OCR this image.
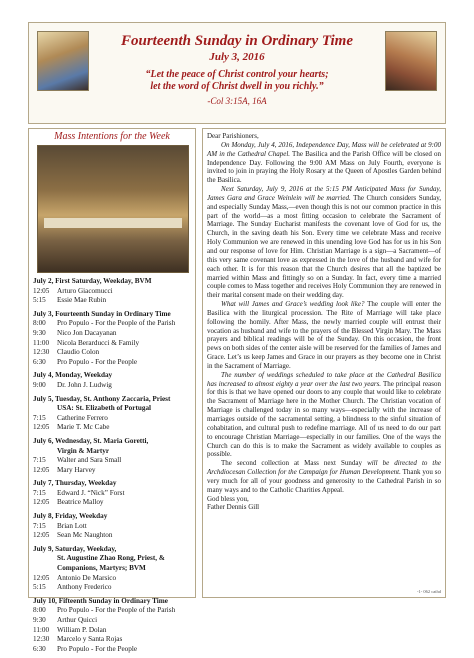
Fourteenth Sunday in Ordinary Time
July 3, 2016
“Let the peace of Christ control your hearts;
let the word of Christ dwell in you richly.”
-Col 3:15A, 16A
Mass Intentions for the Week
July 2, First Saturday, Weekday, BVM
12:05	Arturo Giacomucci
5:15	Essie Mae Rubin
July 3, Fourteenth Sunday in Ordinary Time
8:00	Pro Populo - For the People of the Parish
9:30	Nico Jon Dacayanan
11:00	Nicola Berarducci & Family
12:30	Claudio Colon
6:30	Pro Populo - For the People
July 4, Monday, Weekday
9:00	Dr. John J. Ludwig
July 5, Tuesday, St. Anthony Zaccaria, Priest
USA: St. Elizabeth of Portugal
7:15	Catherine Ferrero
12:05	Marie T. Mc Cabe
July 6, Wednesday, St. Maria Goretti,
Virgin & Martyr
7:15	Walter and Sara Small
12:05	Mary Harvey
July 7, Thursday, Weekday
7:15	Edward J. “Nick” Forst
12:05	Beatrice Malloy
July 8, Friday, Weekday
7:15	Brian Lott
12:05	Sean Mc Naughton
July 9, Saturday, Weekday,
St. Augustine Zhao Rong, Priest, & Companions, Martyrs; BVM
12:05	Antonio De Marsico
5:15	Anthony Frederico
July 10, Fifteenth Sunday in Ordinary Time
8:00	Pro Populo - For the People of the Parish
9:30	Arthur Quicci
11:00	William P. Dolan
12:30	Marcelo y Santa Rojas
6:30	Pro Populo - For the People

Dear Parishioners,

On Monday, July 4, 2016, Independence Day, Mass will be celebrated at 9:00 AM in the Cathedral Chapel. The Basilica and the Parish Office will be closed on Independence Day. Following the 9:00 AM Mass on July Fourth, everyone is invited to join in praying the Holy Rosary at the Queen of Apostles Garden behind the Basilica.

Next Saturday, July 9, 2016 at the 5:15 PM Anticipated Mass for Sunday, James Gara and Grace Weinlein will be married. The Church considers Sunday, and especially Sunday Mass,—even though this is not our common practice in this part of the world—as a most fitting occasion to celebrate the Sacrament of Marriage. The Sunday Eucharist manifests the covenant love of God for us, the Church, in the saving death his Son. Every time we celebrate Mass and receive Holy Communion we are renewed in this unending love God has for us in his Son and our response of love for Him. Christian Marriage is a sign—a Sacrament—of this very same covenant love as expressed in the love of the husband and wife for each other. It is for this reason that the Church desires that all the baptized be married within Mass and fittingly so on a Sunday. In fact, every time a married couple comes to Mass together and receives Holy Communion they are renewed in their marital consent made on their wedding day.

What will James and Grace’s wedding look like? The couple will enter the Basilica with the liturgical procession. The Rite of Marriage will take place following the homily. After Mass, the newly married couple will entrust their vocation as husband and wife to the prayers of the Blessed Virgin Mary. The Mass prayers and biblical readings will be of the Sunday. On this occasion, the front pews on both sides of the center aisle will be reserved for the families of James and Grace. Let’s us keep James and Grace in our prayers as they become one in Christ in the Sacrament of Marriage.

The number of weddings scheduled to take place at the Cathedral Basilica has increased to almost eighty a year over the last two years. The principal reason for this is that we have opened our doors to any couple that would like to celebrate the Sacrament of Marriage here in the Mother Church. The Christian vocation of Marriage is challenged today in so many ways—especially with the increase of marriages outside of the sacramental setting, a blindness to the sinful situation of cohabitation, and cultural push to redefine marriage. All of us need to do our part to encourage Christian Marriage—especially in our families. One of the ways the Church can do this is to make the Sacrament as widely available to couples as possible.

The second collection at Mass next Sunday will be directed to the Archdiocesan Collection for the Campaign for Human Development. Thank you so very much for all of your goodness and generosity to the Cathedral Parish in so many ways and to the Catholic Charities Appeal.

God bless you,

Father Dennis Gill

-1- 062 cathd
